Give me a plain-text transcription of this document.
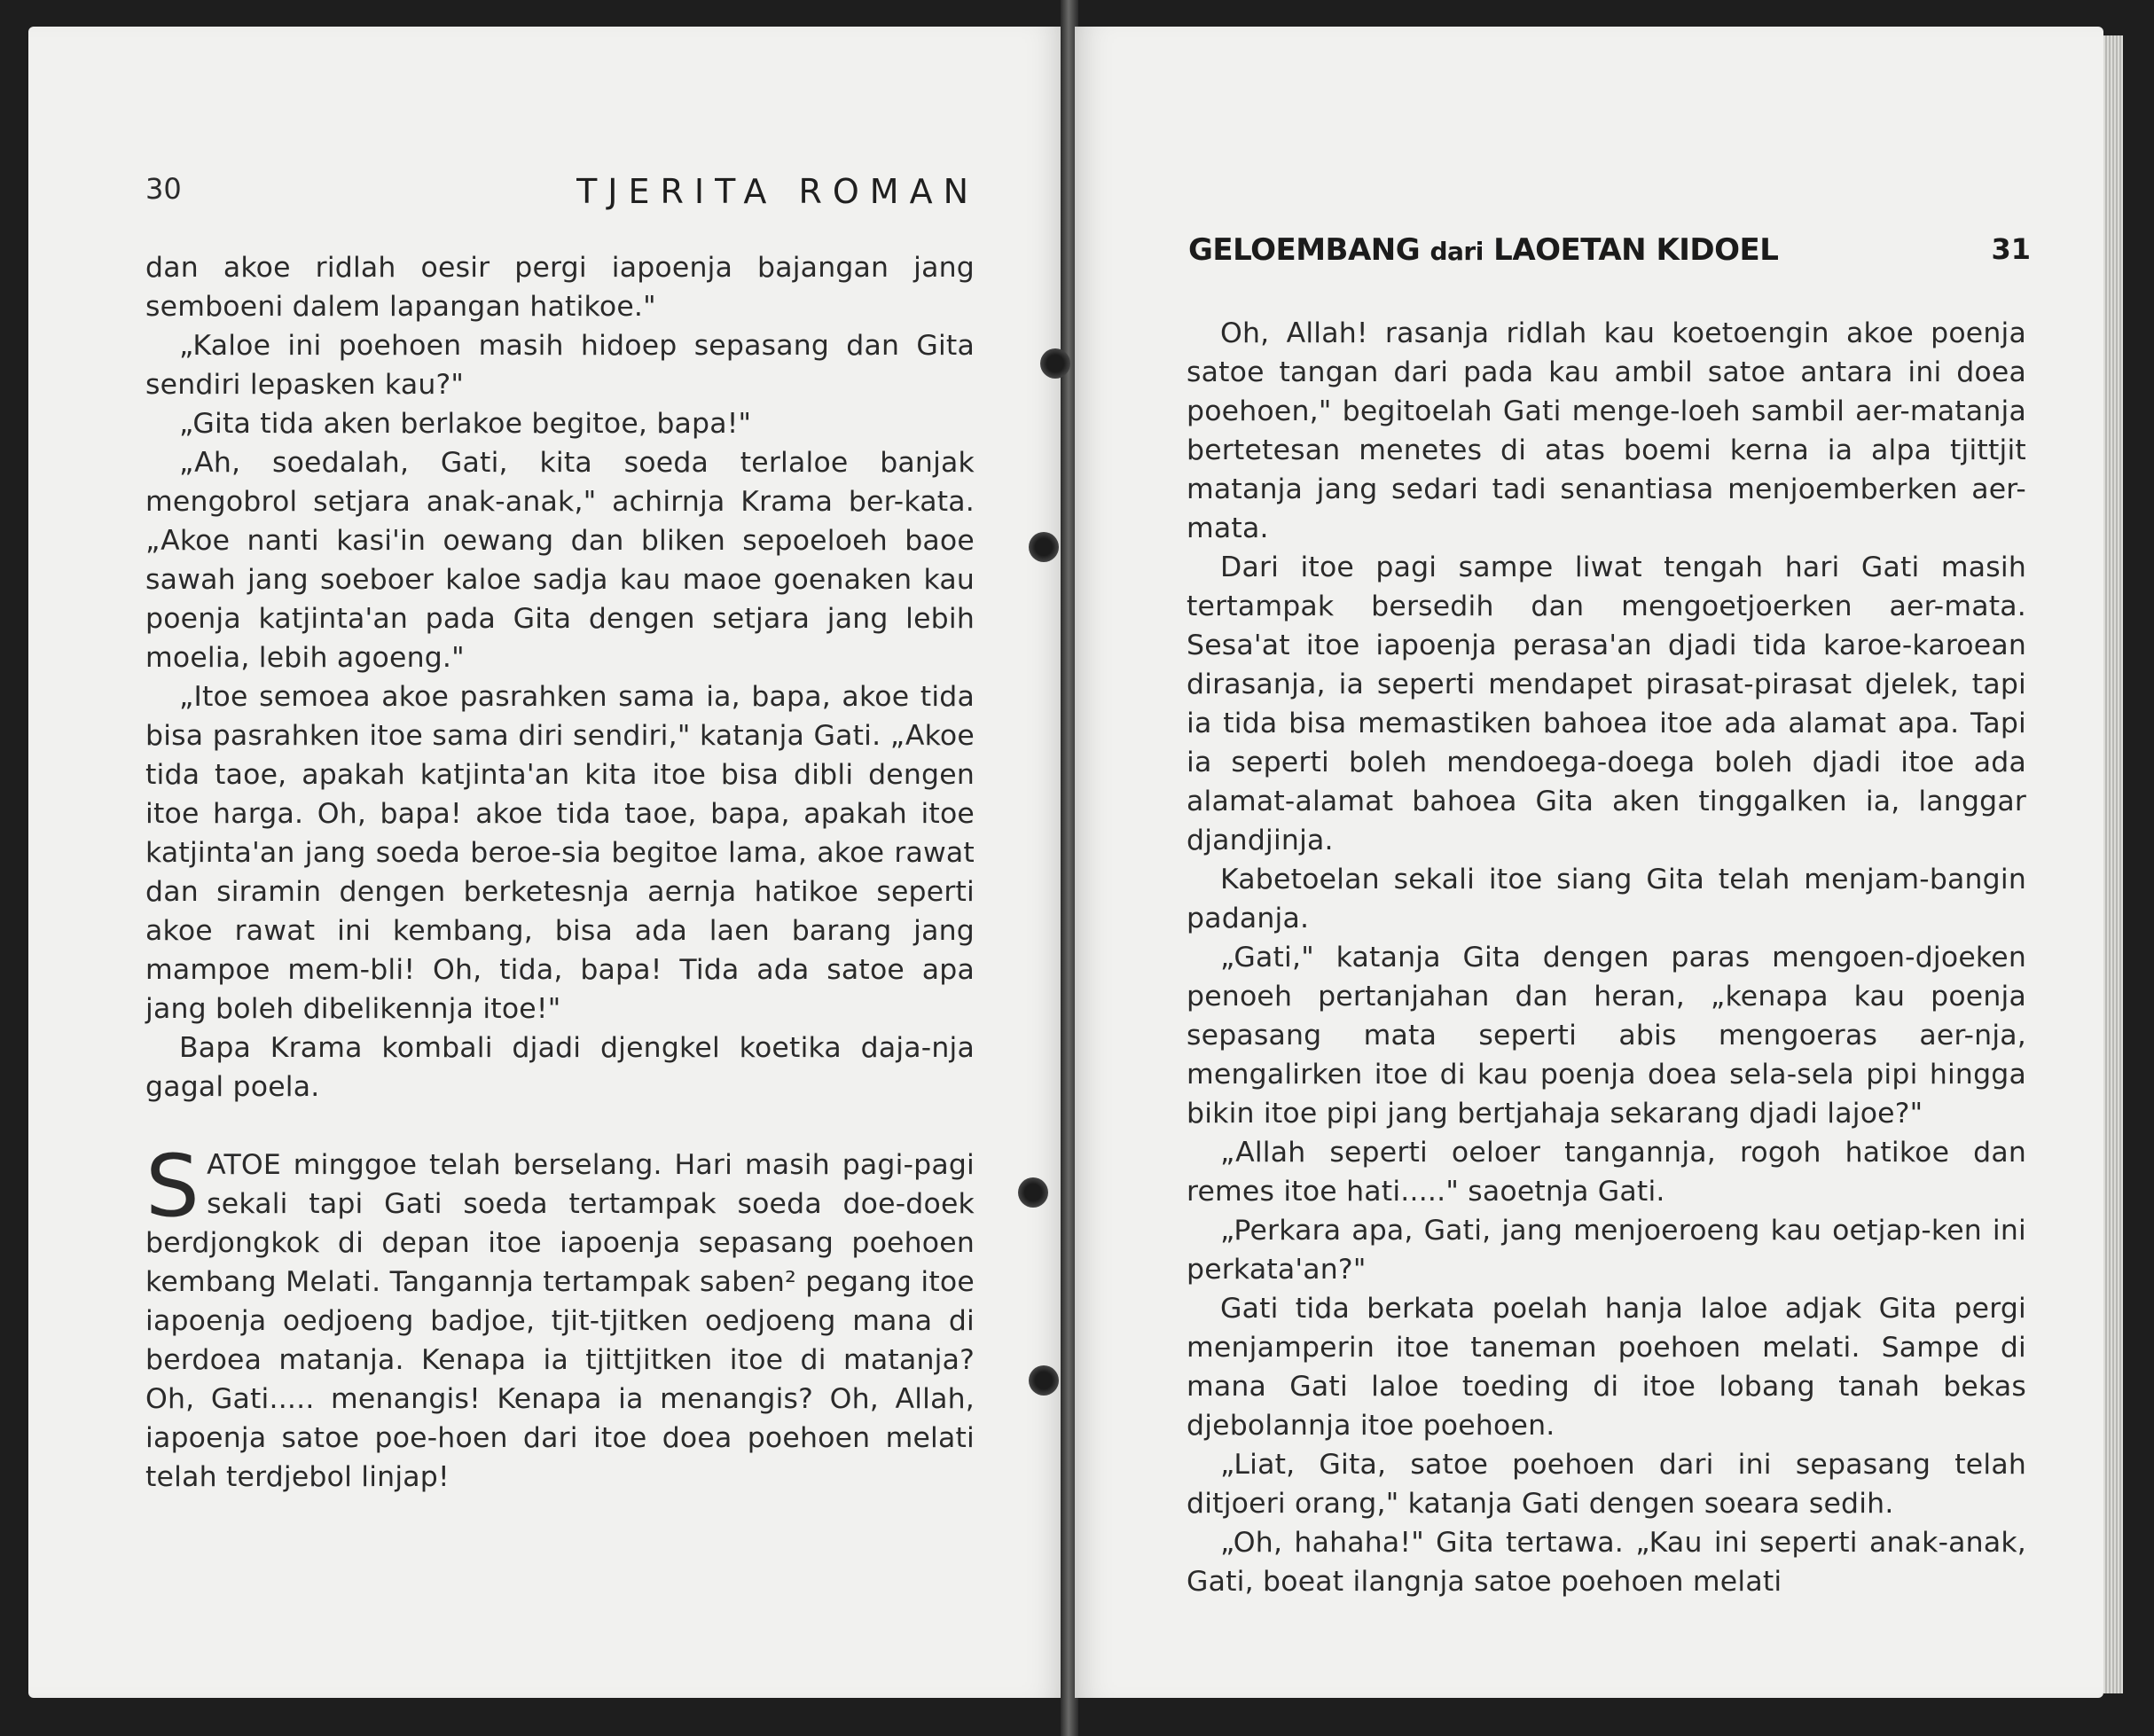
30	TJERITA ROMAN

dan akoe ridlah oesir pergi iapoenja bajangan jang semboeni dalem lapangan hatikoe."

„Kaloe ini poehoen masih hidoep sepasang dan Gita sendiri lepasken kau?"

„Gita tida aken berlakoe begitoe, bapa!"

„Ah, soedalah, Gati, kita soeda terlaloe banjak mengobrol setjara anak-anak," achirnja Krama ber-kata. „Akoe nanti kasi'in oewang dan bliken sepoeloeh baoe sawah jang soeboer kaloe sadja kau maoe goenaken kau poenja katjinta'an pada Gita dengen setjara jang lebih moelia, lebih agoeng."

„Itoe semoea akoe pasrahken sama ia, bapa, akoe tida bisa pasrahken itoe sama diri sendiri," katanja Gati. „Akoe tida taoe, apakah katjinta'an kita itoe bisa dibli dengen itoe harga. Oh, bapa! akoe tida taoe, bapa, apakah itoe katjinta'an jang soeda beroe-sia begitoe lama, akoe rawat dan siramin dengen berketesnja aernja hatikoe seperti akoe rawat ini kembang, bisa ada laen barang jang mampoe mem-bli! Oh, tida, bapa! Tida ada satoe apa jang boleh dibelikennja itoe!"

Bapa Krama kombali djadi djengkel koetika daja-nja gagal poela.

SATOE minggoe telah berselang. Hari masih pagi-pagi sekali tapi Gati soeda tertampak soeda doe-doek berdjongkok di depan itoe iapoenja sepasang poehoen kembang Melati. Tangannja tertampak saben² pegang itoe iapoenja oedjoeng badjoe, tjit-tjitken oedjoeng mana di berdoea matanja. Kenapa ia tjittjitken itoe di matanja? Oh, Gati..... menangis! Kenapa ia menangis? Oh, Allah, iapoenja satoe poe-hoen dari itoe doea poehoen melati telah terdjebol linjap!

GELOEMBANG dari LAOETAN KIDOEL	31

Oh, Allah! rasanja ridlah kau koetoengin akoe poenja satoe tangan dari pada kau ambil satoe antara ini doea poehoen," begitoelah Gati menge-loeh sambil aer-matanja bertetesan menetes di atas boemi kerna ia alpa tjittjit matanja jang sedari tadi senantiasa menjoemberken aer-mata.

Dari itoe pagi sampe liwat tengah hari Gati masih tertampak bersedih dan mengoetjoerken aer-mata. Sesa'at itoe iapoenja perasa'an djadi tida karoe-karoean dirasanja, ia seperti mendapet pirasat-pirasat djelek, tapi ia tida bisa memastiken bahoea itoe ada alamat apa. Tapi ia seperti boleh mendoega-doega boleh djadi itoe ada alamat-alamat bahoea Gita aken tinggalken ia, langgar djandjinja.

Kabetoelan sekali itoe siang Gita telah menjam-bangin padanja.

„Gati," katanja Gita dengen paras mengoen-djoeken penoeh pertanjahan dan heran, „kenapa kau poenja sepasang mata seperti abis mengoeras aer-nja, mengalirken itoe di kau poenja doea sela-sela pipi hingga bikin itoe pipi jang bertjahaja sekarang djadi lajoe?"

„Allah seperti oeloer tangannja, rogoh hatikoe dan remes itoe hati....." saoetnja Gati.

„Perkara apa, Gati, jang menjoeroeng kau oetjap-ken ini perkata'an?"

Gati tida berkata poelah hanja laloe adjak Gita pergi menjamperin itoe taneman poehoen melati. Sampe di mana Gati laloe toeding di itoe lobang tanah bekas djebolannja itoe poehoen.

„Liat, Gita, satoe poehoen dari ini sepasang telah ditjoeri orang," katanja Gati dengen soeara sedih.

„Oh, hahaha!" Gita tertawa. „Kau ini seperti anak-anak, Gati, boeat ilangnja satoe poehoen melati
